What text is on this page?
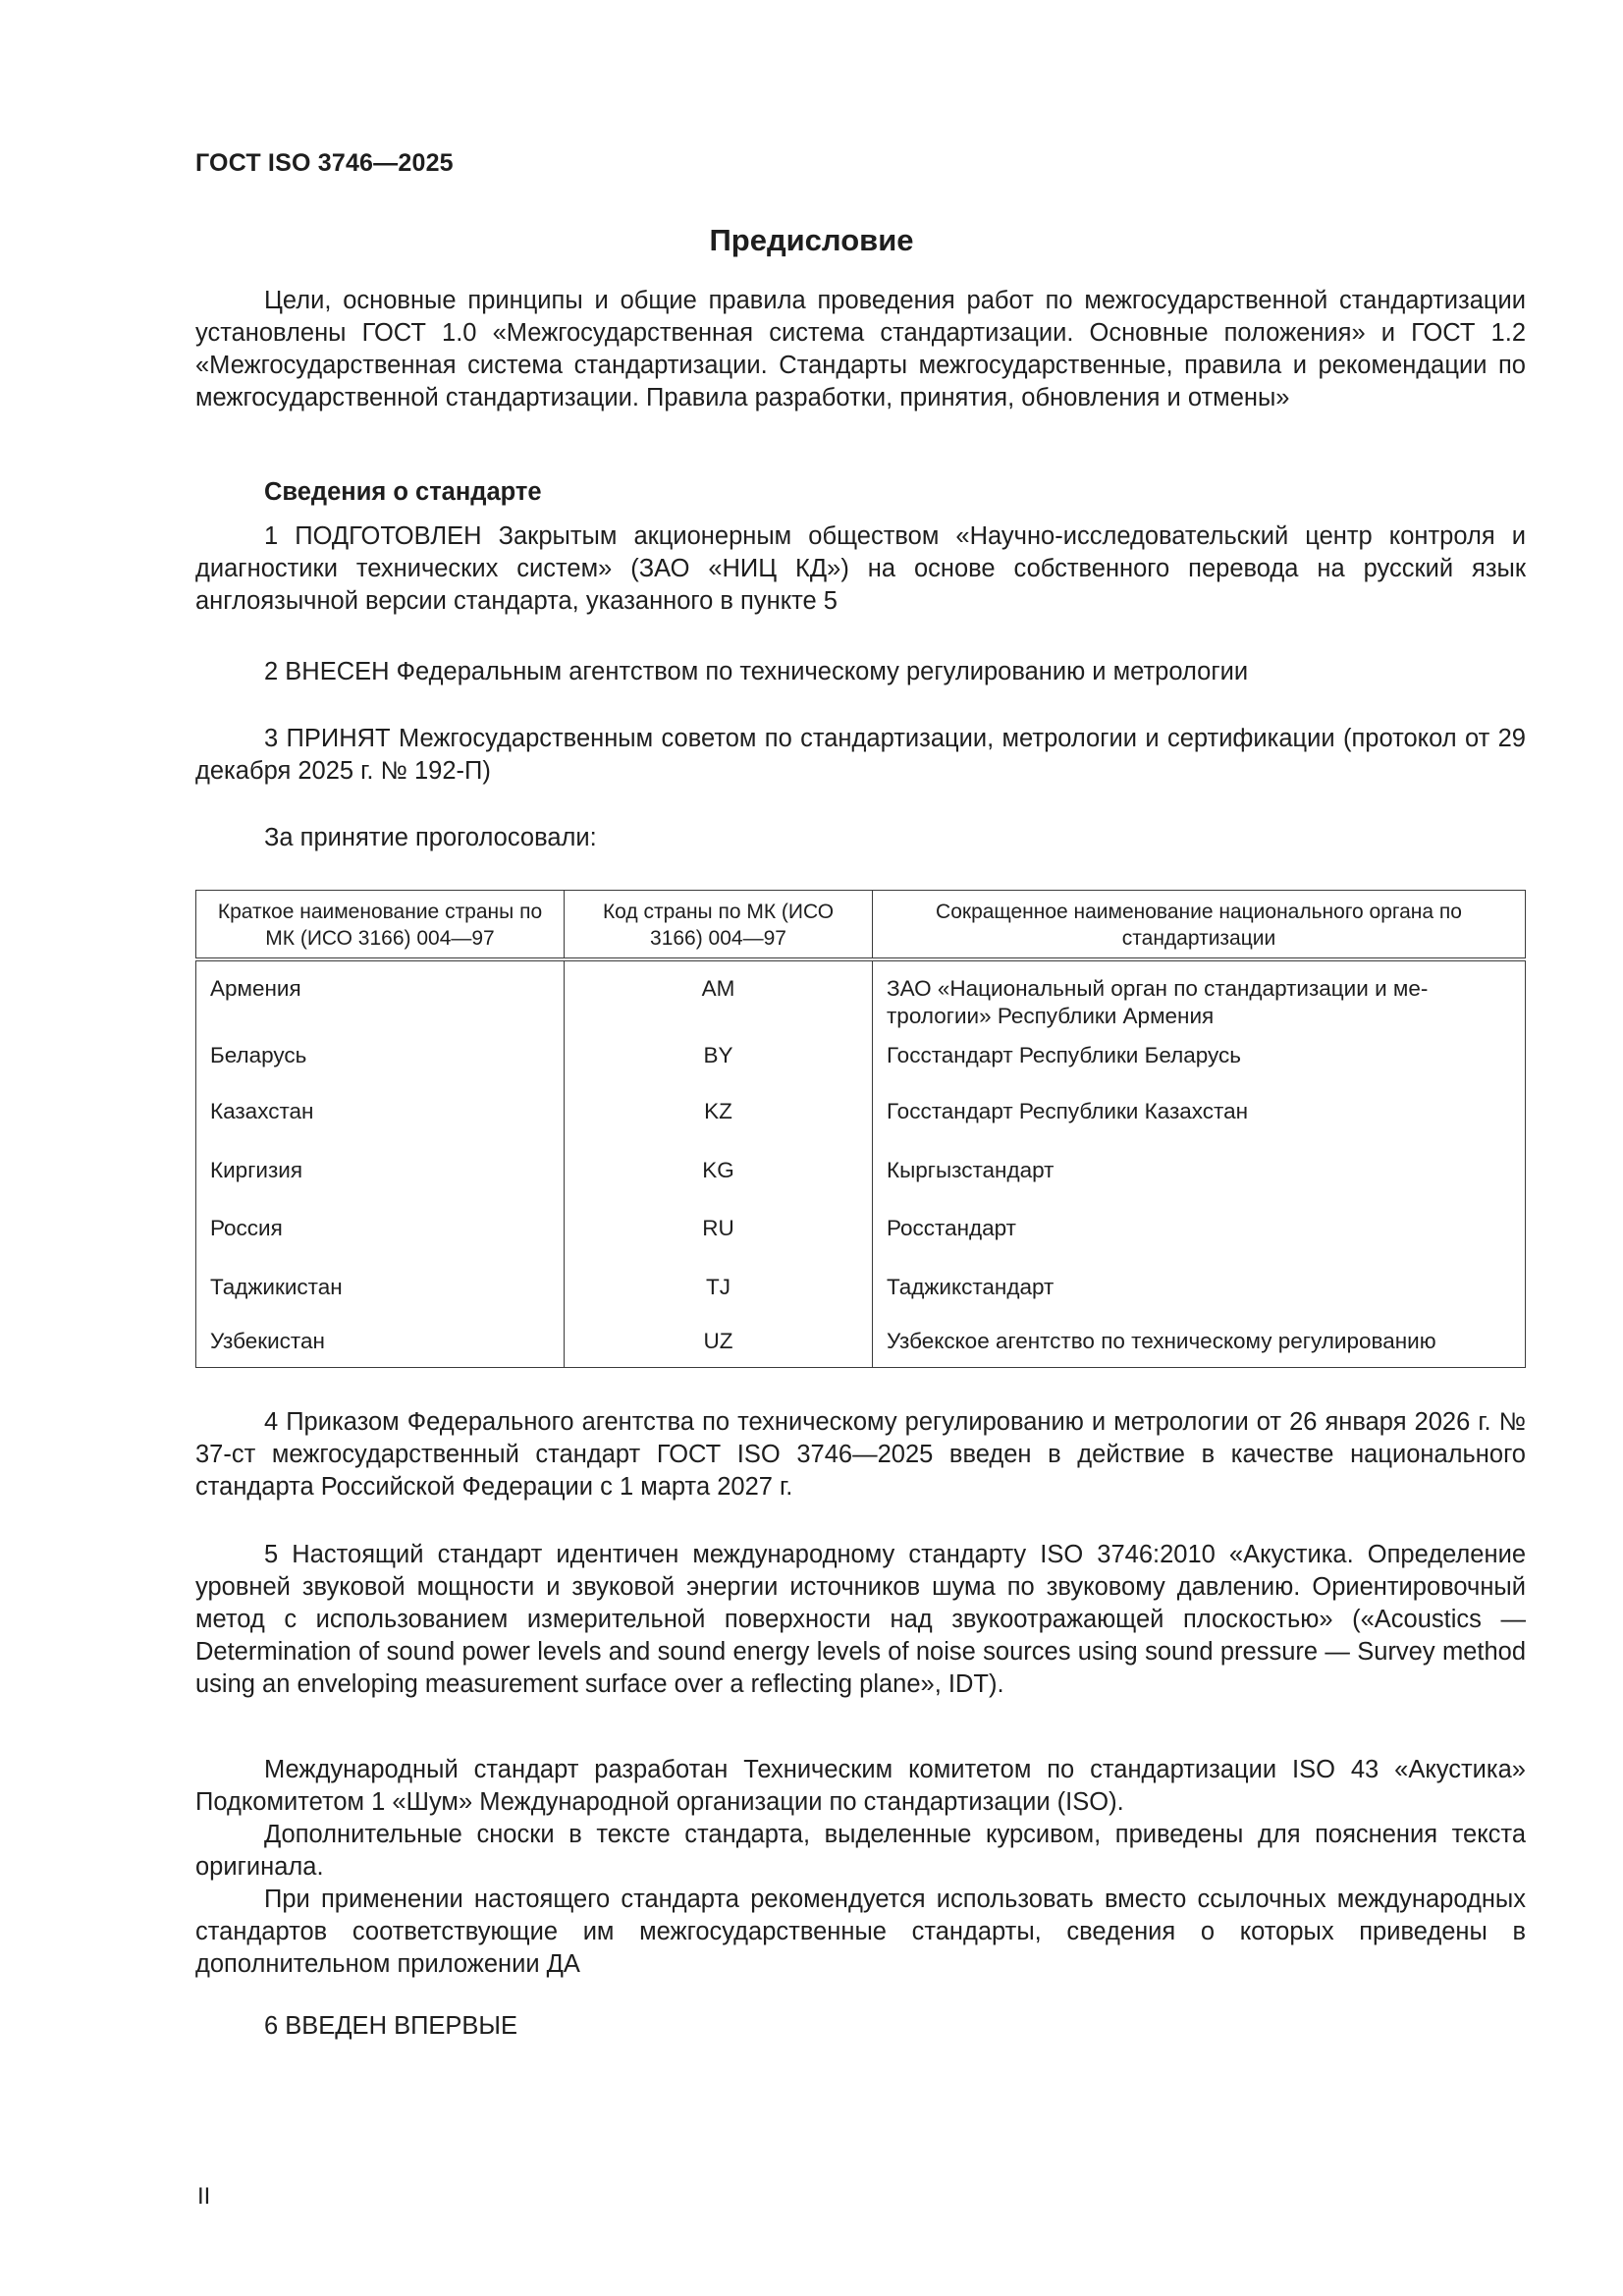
ГОСТ ISO 3746—2025
Предисловие

Цели, основные принципы и общие правила проведения работ по межгосударственной стандартизации установлены ГОСТ 1.0 «Межгосударственная система стандартизации. Основные положения» и ГОСТ 1.2 «Межгосударственная система стандартизации. Стандарты межгосударственные, правила и рекомендации по межгосударственной стандартизации. Правила разработки, принятия, обновления и отмены»

Сведения о стандарте

1 ПОДГОТОВЛЕН Закрытым акционерным обществом «Научно-исследовательский центр контроля и диагностики технических систем» (ЗАО «НИЦ КД») на основе собственного перевода на русский язык англоязычной версии стандарта, указанного в пункте 5

2 ВНЕСЕН Федеральным агентством по техническому регулированию и метрологии

3 ПРИНЯТ Межгосударственным советом по стандартизации, метрологии и сертификации (протокол от 29 декабря 2025 г. № 192-П)

За принятие проголосовали:

Краткое наименование страны по МК (ИСО 3166) 004—97	Код страны по МК (ИСО 3166) 004—97	Сокращенное наименование национального органа по стандартизации
Армения	AM	ЗАО «Национальный орган по стандартизации и метрологии» Республики Армения
Беларусь	BY	Госстандарт Республики Беларусь
Казахстан	KZ	Госстандарт Республики Казахстан
Киргизия	KG	Кыргызстандарт
Россия	RU	Росстандарт
Таджикистан	TJ	Таджикстандарт
Узбекистан	UZ	Узбекское агентство по техническому регулированию

4 Приказом Федерального агентства по техническому регулированию и метрологии от 26 января 2026 г. № 37-ст межгосударственный стандарт ГОСТ ISO 3746—2025 введен в действие в качестве национального стандарта Российской Федерации с 1 марта 2027 г.

5 Настоящий стандарт идентичен международному стандарту ISO 3746:2010 «Акустика. Определение уровней звуковой мощности и звуковой энергии источников шума по звуковому давлению. Ориентировочный метод с использованием измерительной поверхности над звукоотражающей плоскостью» («Acoustics — Determination of sound power levels and sound energy levels of noise sources using sound pressure — Survey method using an enveloping measurement surface over a reflecting plane», IDT).

Международный стандарт разработан Техническим комитетом по стандартизации ISO 43 «Акустика» Подкомитетом 1 «Шум» Международной организации по стандартизации (ISO).

Дополнительные сноски в тексте стандарта, выделенные курсивом, приведены для пояснения текста оригинала.

При применении настоящего стандарта рекомендуется использовать вместо ссылочных международных стандартов соответствующие им межгосударственные стандарты, сведения о которых приведены в дополнительном приложении ДА

6 ВВЕДЕН ВПЕРВЫЕ

II
